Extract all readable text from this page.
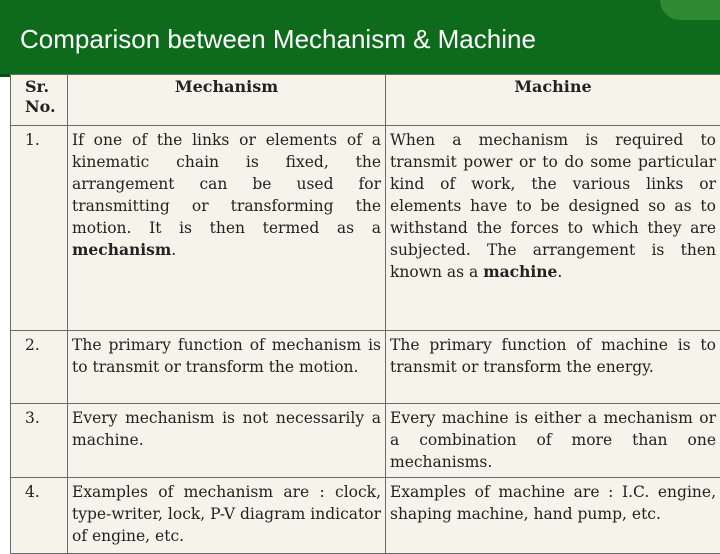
Comparison between Mechanism & Machine
Sr. No.	Mechanism	Machine
1.	If one of the links or elements of a kinematic chain is fixed, the arrangement can be used for transmitting or transforming the motion. It is then termed as a mechanism.	When a mechanism is required to transmit power or to do some particular kind of work, the various links or elements have to be designed so as to withstand the forces to which they are subjected. The arrangement is then known as a machine.
2.	The primary function of mechanism is to transmit or transform the motion.	The primary function of machine is to transmit or transform the energy.
3.	Every mechanism is not necessarily a machine.	Every machine is either a mechanism or a combination of more than one mechanisms.
4.	Examples of mechanism are : clock, type-writer, lock, P-V diagram indicator of engine, etc.	Examples of machine are : I.C. engine, shaping machine, hand pump, etc.
